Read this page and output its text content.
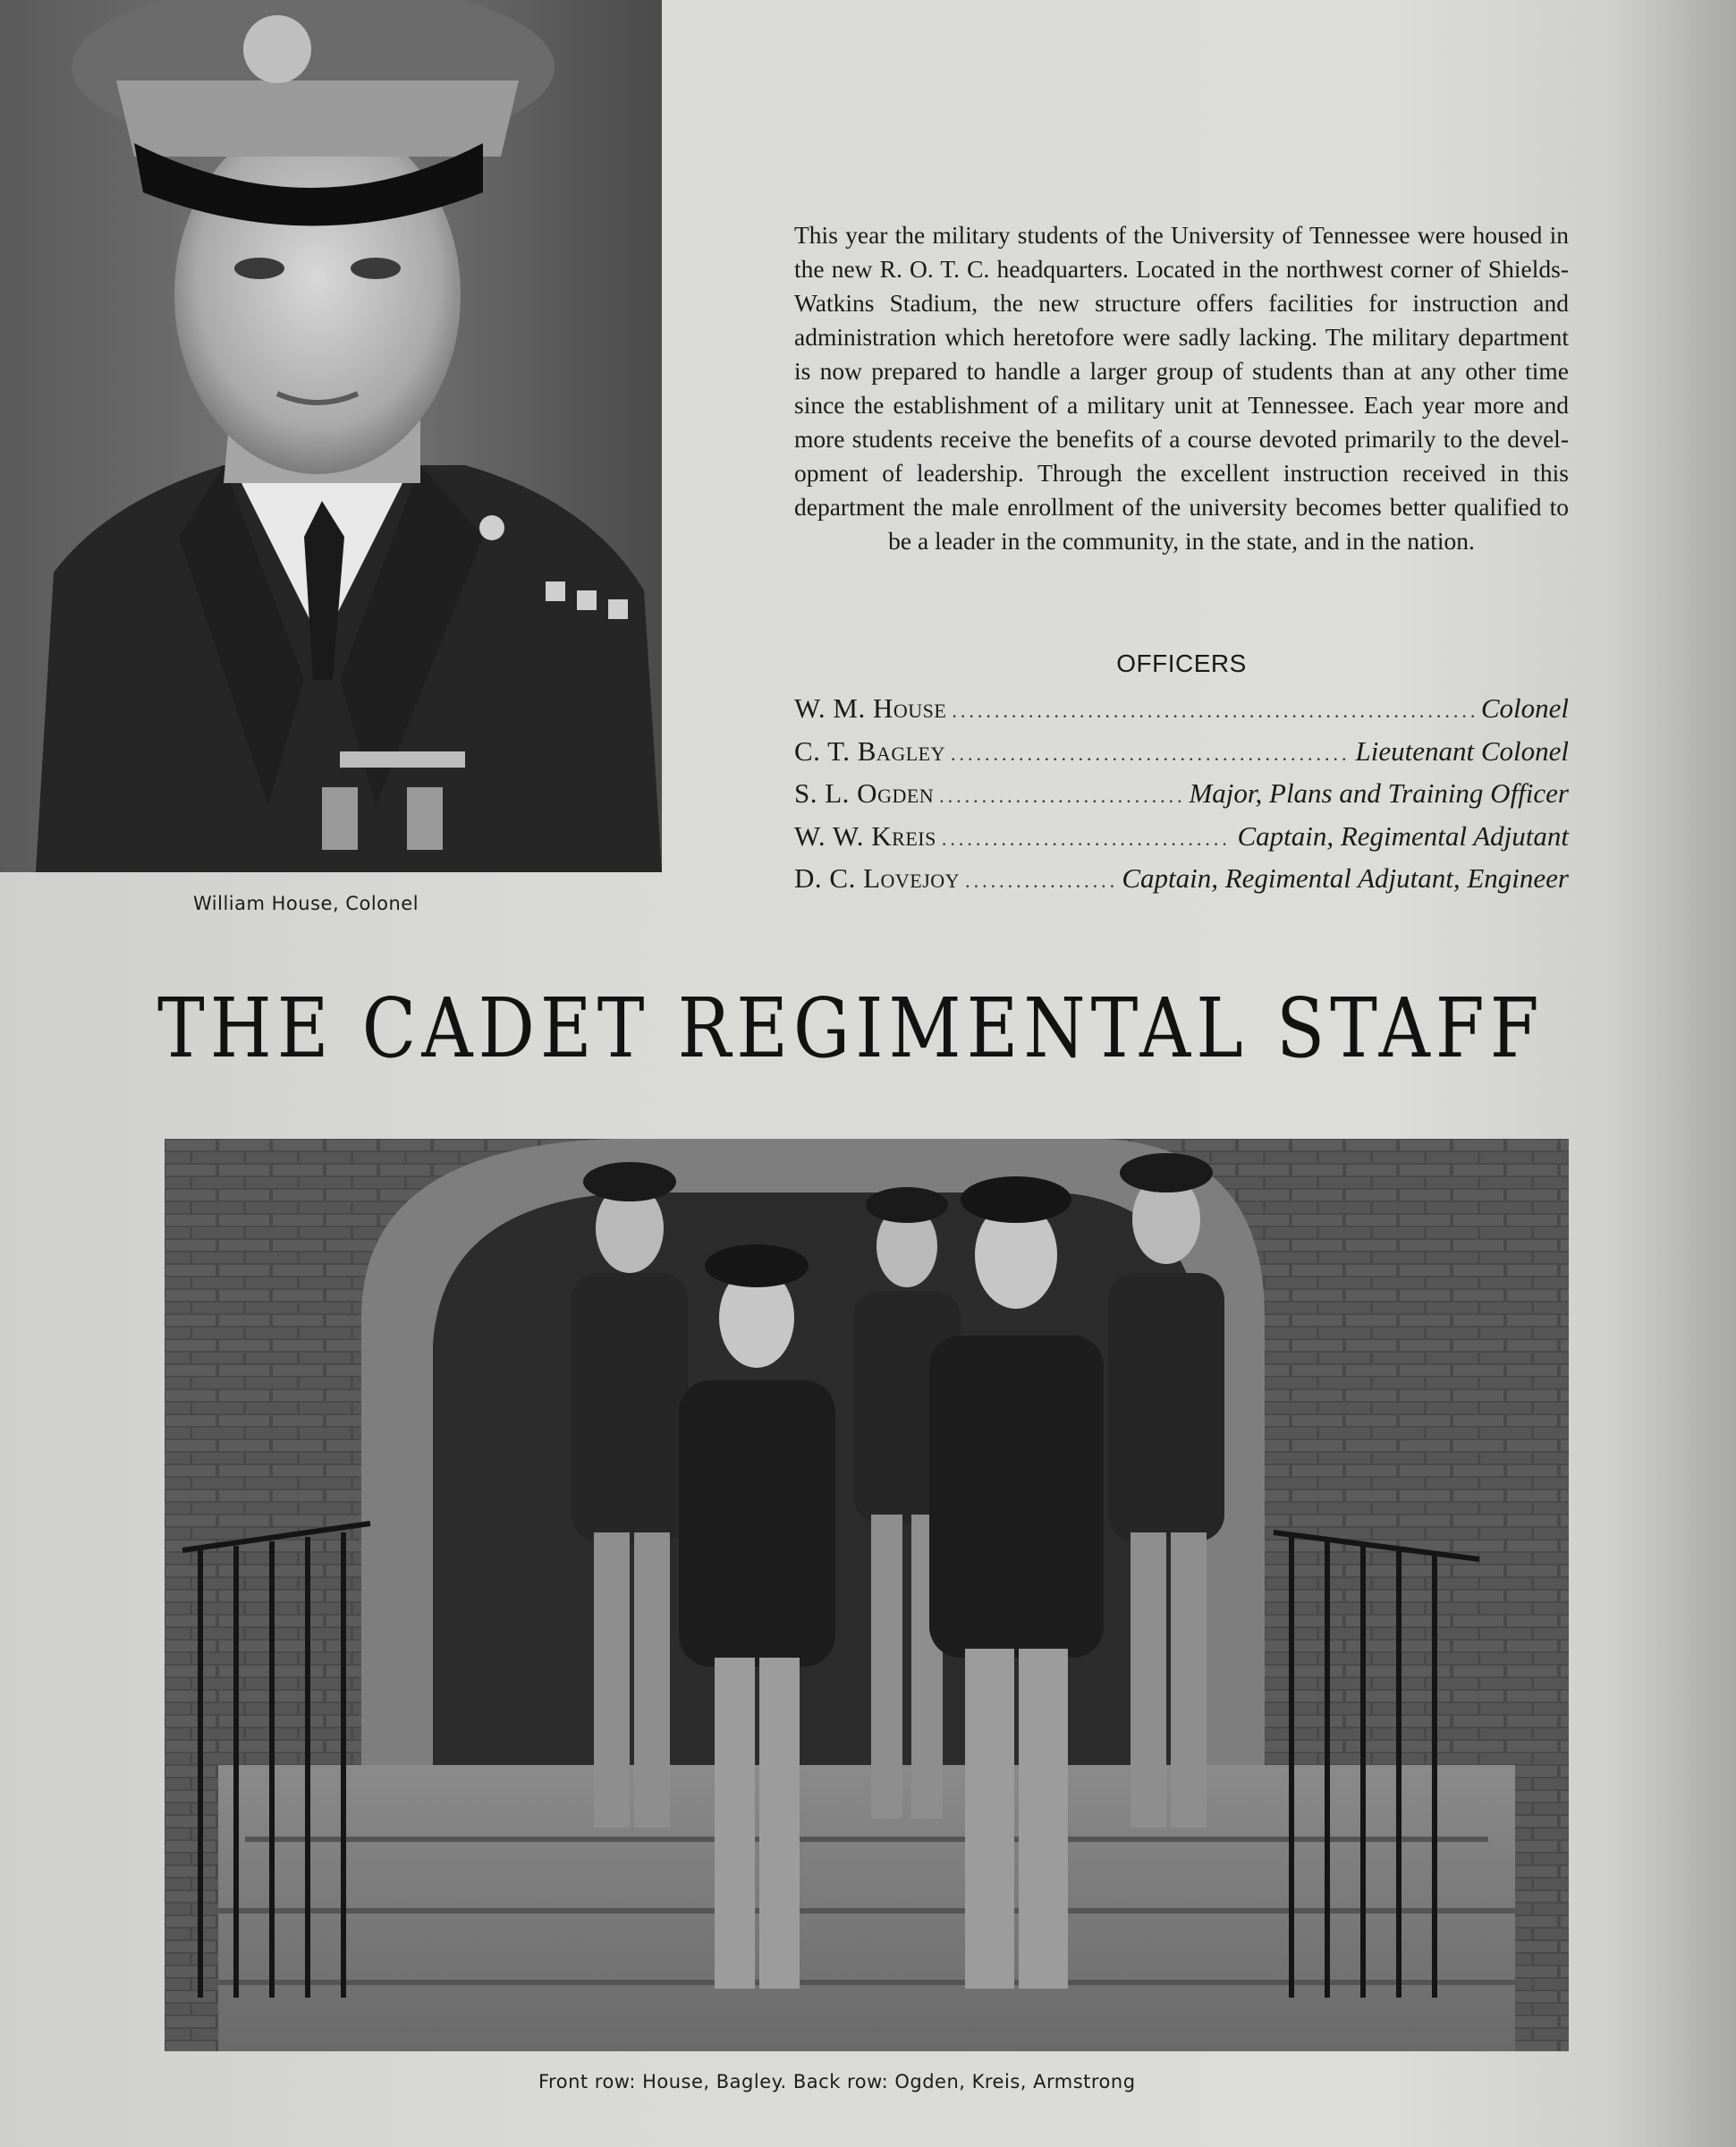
William House, Colonel

This year the military students of the University of Tennessee were housed in the new R. O. T. C. headquarters. Located in the northwest corner of Shields-Watkins Stadium, the new structure offers facilities for instruction and administration which heretofore were sadly lacking. The military department is now prepared to handle a larger group of students than at any other time since the establishment of a military unit at Tennessee. Each year more and more students receive the benefits of a course devoted primarily to the development of leadership. Through the excellent instruction received in this department the male enrollment of the university becomes better qualified to be a leader in the community, in the state, and in the nation.

OFFICERS
W. M. House .....	Colonel
C. T. Bagley .....	Lieutenant Colonel
S. L. Ogden .....	Major, Plans and Training Officer
W. W. Kreis .....	Captain, Regimental Adjutant
D. C. Lovejoy .....	Captain, Regimental Adjutant, Engineer
THE CADET REGIMENTAL STAFF
Front row: House, Bagley. Back row: Ogden, Kreis, Armstrong
